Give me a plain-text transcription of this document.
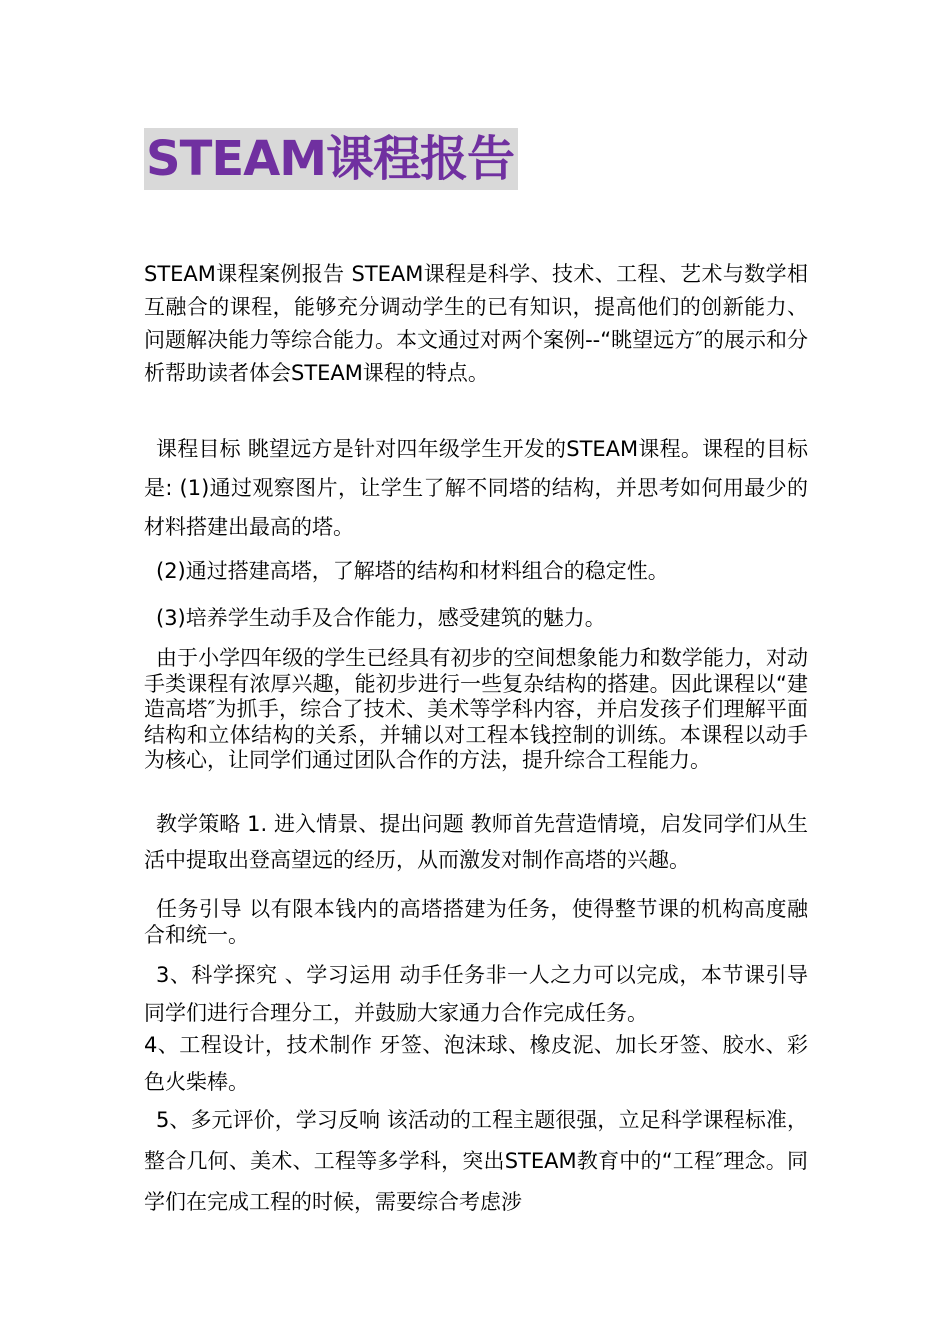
STEAM课程报告

STEAM课程案例报告 STEAM课程是科学、技术、工程、艺术与数学相互融合的课程，能够充分调动学生的已有知识，提高他们的创新能力、问题解决能力等综合能力。本文通过对两个案例--“眺望远方″的展示和分析帮助读者体会STEAM课程的特点。

课程目标 眺望远方是针对四年级学生开发的STEAM课程。课程的目标是: (1)通过观察图片，让学生了解不同塔的结构，并思考如何用最少的材料搭建出最高的塔。

(2)通过搭建高塔，了解塔的结构和材料组合的稳定性。

(3)培养学生动手及合作能力，感受建筑的魅力。

由于小学四年级的学生已经具有初步的空间想象能力和数学能力，对动手类课程有浓厚兴趣，能初步进行一些复杂结构的搭建。因此课程以“建造高塔″为抓手，综合了技术、美术等学科内容，并启发孩子们理解平面结构和立体结构的关系，并辅以对工程本钱控制的训练。本课程以动手为核心，让同学们通过团队合作的方法，提升综合工程能力。

教学策略 1. 进入情景、提出问题 教师首先营造情境，启发同学们从生活中提取出登高望远的经历，从而激发对制作高塔的兴趣。

任务引导 以有限本钱内的高塔搭建为任务，使得整节课的机构高度融合和统一。

3、科学探究 、学习运用 动手任务非一人之力可以完成，本节课引导同学们进行合理分工，并鼓励大家通力合作完成任务。

4、工程设计，技术制作 牙签、泡沫球、橡皮泥、加长牙签、胶水、彩色火柴棒。

5、多元评价，学习反响 该活动的工程主题很强，立足科学课程标准，整合几何、美术、工程等多学科，突出STEAM教育中的“工程″理念。同学们在完成工程的时候，需要综合考虑涉
